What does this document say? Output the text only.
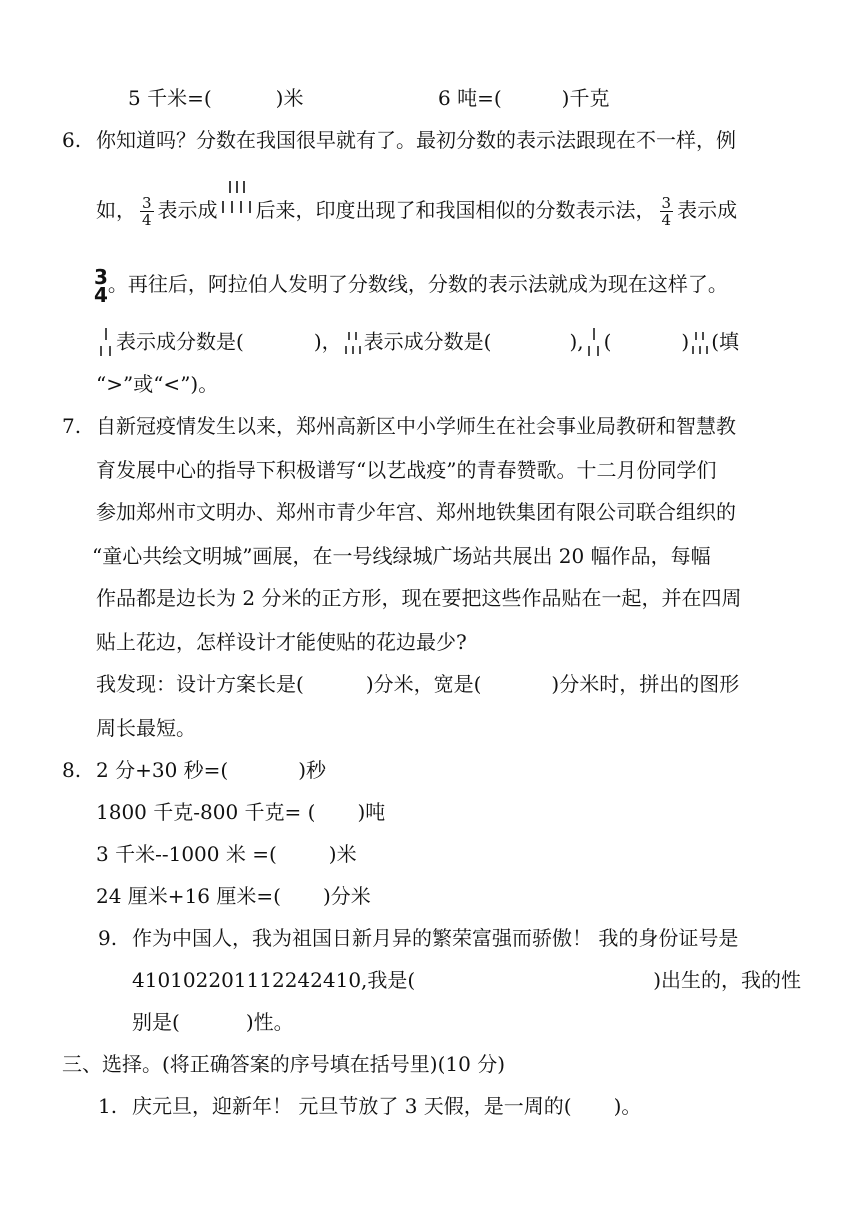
5 千米=(	)米	6 吨=(	)千克
6. 你知道吗？分数在我国很早就有了。最初分数的表示法跟现在不一样，例
如， $\frac{3}{4}$ 表示成 后来，印度出现了和我国相似的分数表示法， $\frac{3}{4}$ 表示成
3
4 。再往后，阿拉伯人发明了分数线，分数的表示法就成为现在这样了。
表示成分数是(	)， 表示成分数是(	), (	) (填
“>”或“<”)。
7. 自新冠疫情发生以来，郑州高新区中小学师生在社会事业局教研和智慧教
育发展中心的指导下积极谱写“以艺战疫”的青春赞歌。十二月份同学们
参加郑州市文明办、郑州市青少年宫、郑州地铁集团有限公司联合组织的
“童心共绘文明城”画展，在一号线绿城广场站共展出 20 幅作品，每幅
作品都是边长为 2 分米的正方形，现在要把这些作品贴在一起，并在四周
贴上花边，怎样设计才能使贴的花边最少?
我发现：设计方案长是(	)分米，宽是(	)分米时，拼出的图形
周长最短。
8. 2 分+30 秒=(	)秒
1800 千克-800 千克= ( )吨
3 千米--1000 米 =(	)米
24 厘米+16 厘米=( )分米
9. 作为中国人，我为祖国日新月异的繁荣富强而骄傲！ 我的身份证号是
410102201112242410,我是(	)出生的，我的性
别是(	)性。
三、选择。(将正确答案的序号填在括号里)(10 分)
1. 庆元旦，迎新年！ 元旦节放了 3 天假，是一周的( )。
